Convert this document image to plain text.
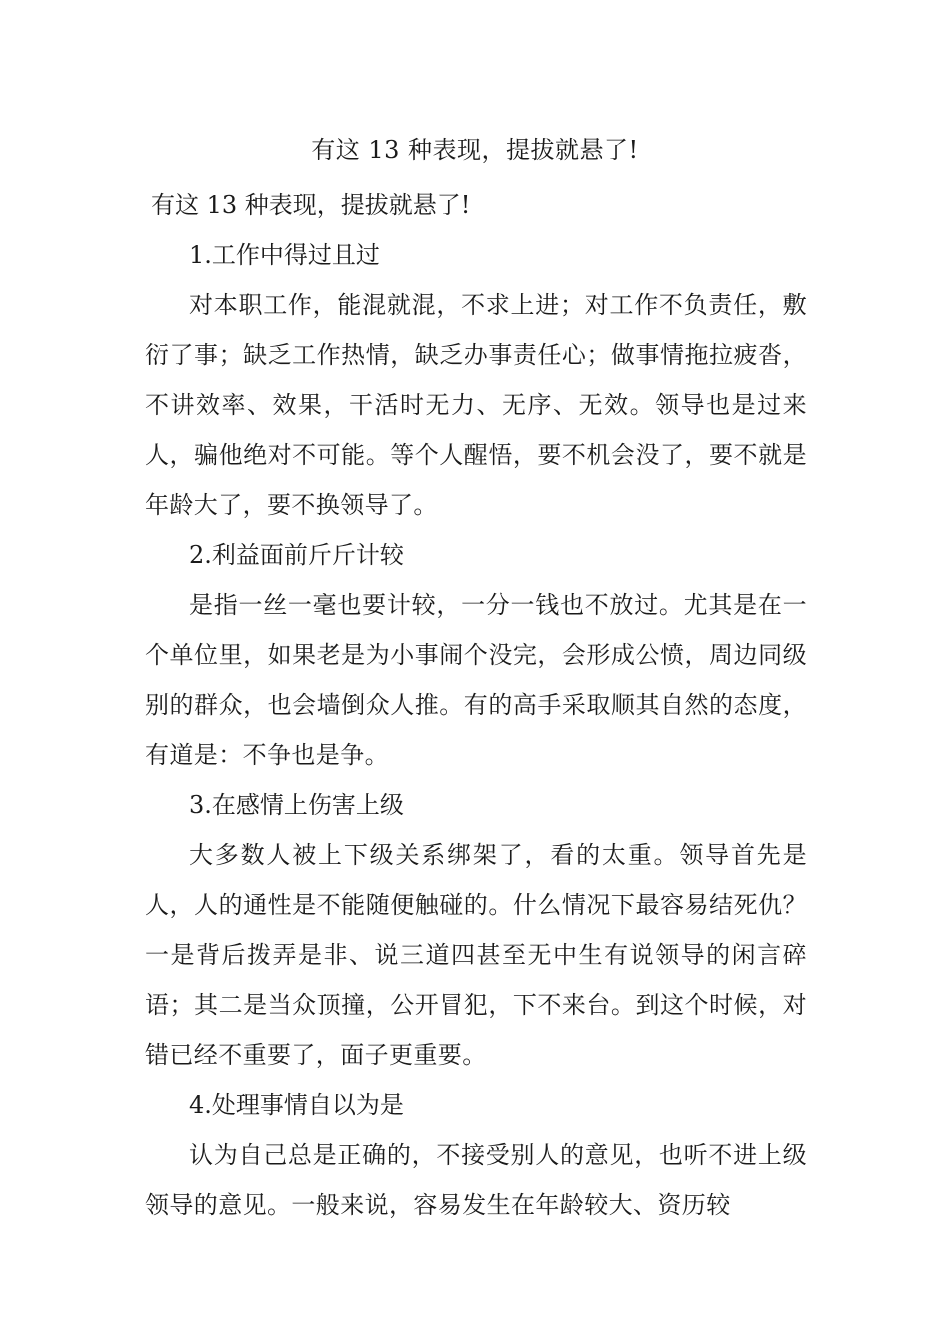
有这 13 种表现，提拔就悬了!

有这 13 种表现，提拔就悬了!

1.工作中得过且过

对本职工作，能混就混，不求上进；对工作不负责任，敷衍了事；缺乏工作热情，缺乏办事责任心；做事情拖拉疲沓，不讲效率、效果，干活时无力、无序、无效。领导也是过来人，骗他绝对不可能。等个人醒悟，要不机会没了，要不就是年龄大了，要不换领导了。

2.利益面前斤斤计较

是指一丝一毫也要计较，一分一钱也不放过。尤其是在一个单位里，如果老是为小事闹个没完，会形成公愤，周边同级别的群众，也会墙倒众人推。有的高手采取顺其自然的态度，有道是：不争也是争。

3.在感情上伤害上级

大多数人被上下级关系绑架了，看的太重。领导首先是人，人的通性是不能随便触碰的。什么情况下最容易结死仇？一是背后拨弄是非、说三道四甚至无中生有说领导的闲言碎语；其二是当众顶撞，公开冒犯，下不来台。到这个时候，对错已经不重要了，面子更重要。

4.处理事情自以为是

认为自己总是正确的，不接受别人的意见，也听不进上级领导的意见。一般来说，容易发生在年龄较大、资历较
